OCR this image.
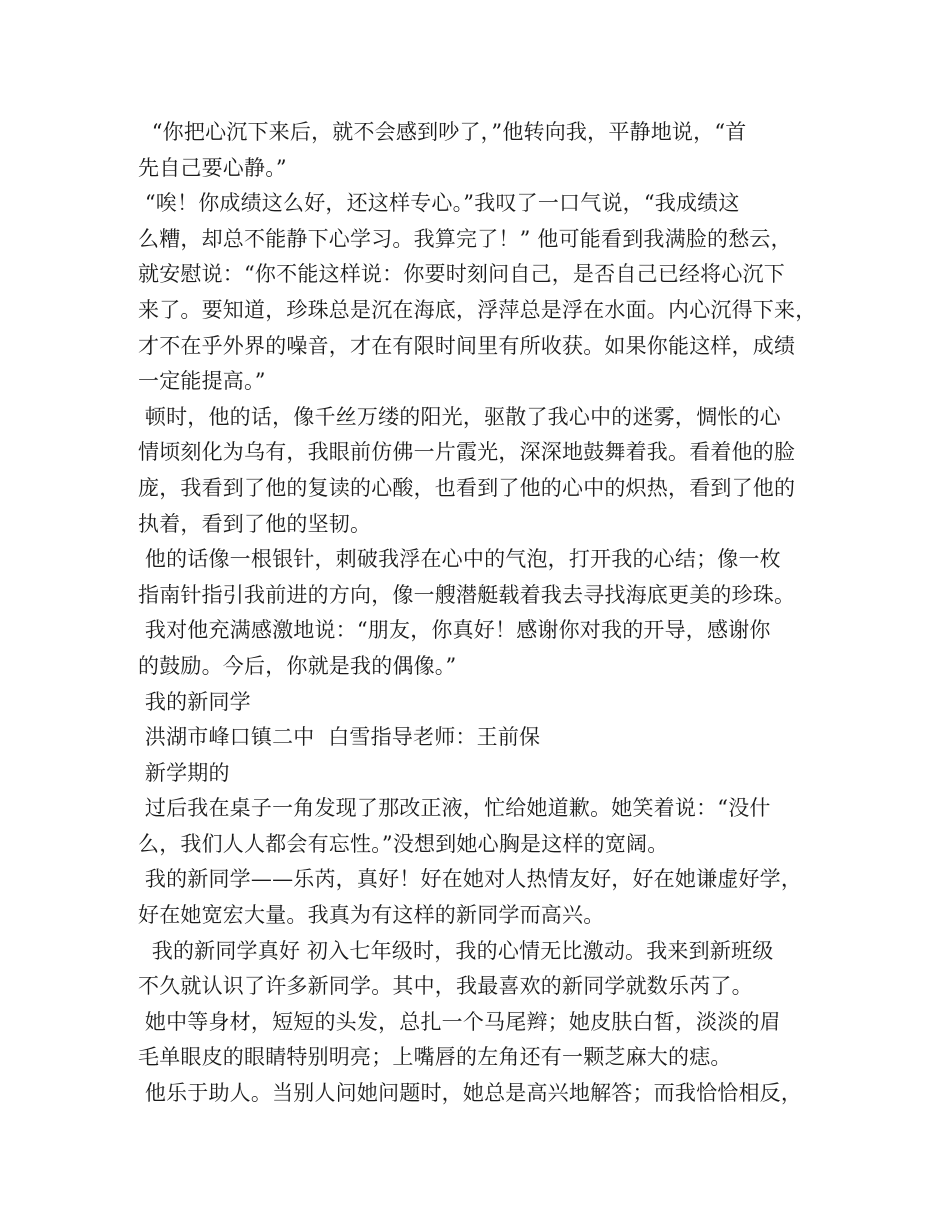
“你把心沉下来后，就不会感到吵了，”他转向我，平静地说，“首
先自己要心静。”
“唉！你成绩这么好，还这样专心。”我叹了一口气说，“我成绩这
么糟，却总不能静下心学习。我算完了！” 他可能看到我满脸的愁云，
就安慰说：“你不能这样说：你要时刻问自己，是否自己已经将心沉下
来了。要知道，珍珠总是沉在海底，浮萍总是浮在水面。内心沉得下来，
才不在乎外界的噪音，才在有限时间里有所收获。如果你能这样，成绩
一定能提高。”
顿时，他的话，像千丝万缕的阳光，驱散了我心中的迷雾，惆怅的心
情顷刻化为乌有，我眼前仿佛一片霞光，深深地鼓舞着我。看着他的脸
庞，我看到了他的复读的心酸，也看到了他的心中的炽热，看到了他的
执着，看到了他的坚韧。
他的话像一根银针，刺破我浮在心中的气泡，打开我的心结；像一枚
指南针指引我前进的方向，像一艘潜艇载着我去寻找海底更美的珍珠。
我对他充满感激地说：“朋友，你真好！感谢你对我的开导，感谢你
的鼓励。今后，你就是我的偶像。”
我的新同学
洪湖市峰口镇二中  白雪指导老师：王前保
新学期的
过后我在桌子一角发现了那改正液，忙给她道歉。她笑着说：“没什
么，我们人人都会有忘性。”没想到她心胸是这样的宽阔。
我的新同学——乐芮，真好！好在她对人热情友好，好在她谦虚好学，
好在她宽宏大量。我真为有这样的新同学而高兴。
我的新同学真好 初入七年级时，我的心情无比激动。我来到新班级
不久就认识了许多新同学。其中，我最喜欢的新同学就数乐芮了。
她中等身材，短短的头发，总扎一个马尾辫；她皮肤白皙，淡淡的眉
毛单眼皮的眼睛特别明亮；上嘴唇的左角还有一颗芝麻大的痣。
他乐于助人。当别人问她问题时，她总是高兴地解答；而我恰恰相反，
